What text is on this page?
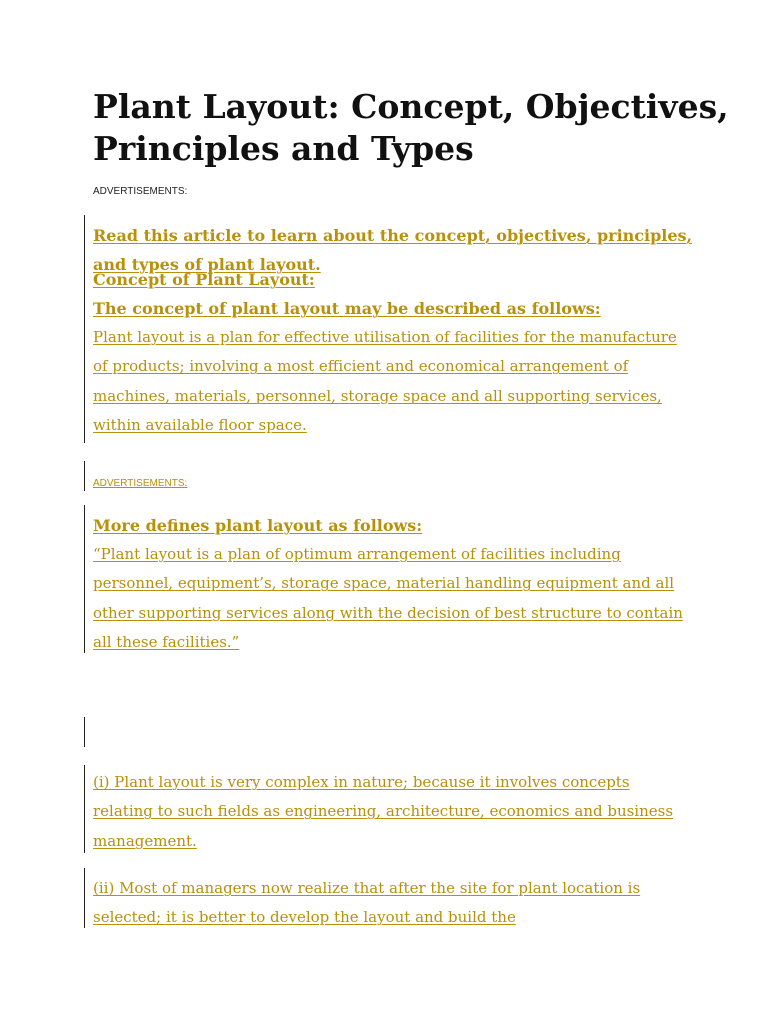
Plant Layout: Concept, Objectives, Principles and Types
ADVERTISEMENTS:

Read this article to learn about the concept, objectives, principles, and types of plant layout.

Concept of Plant Layout:

The concept of plant layout may be described as follows:

Plant layout is a plan for effective utilisation of facilities for the manufacture of products; involving a most efficient and economical arrangement of machines, materials, personnel, storage space and all supporting services, within available floor space.

ADVERTISEMENTS:

More defines plant layout as follows:

“Plant layout is a plan of optimum arrangement of facilities including personnel, equipment’s, storage space, material handling equipment and all other supporting services along with the decision of best structure to contain all these facilities.”

(i) Plant layout is very complex in nature; because it involves concepts relating to such fields as engineering, architecture, economics and business management.

(ii) Most of managers now realize that after the site for plant location is selected; it is better to develop the layout and build the
